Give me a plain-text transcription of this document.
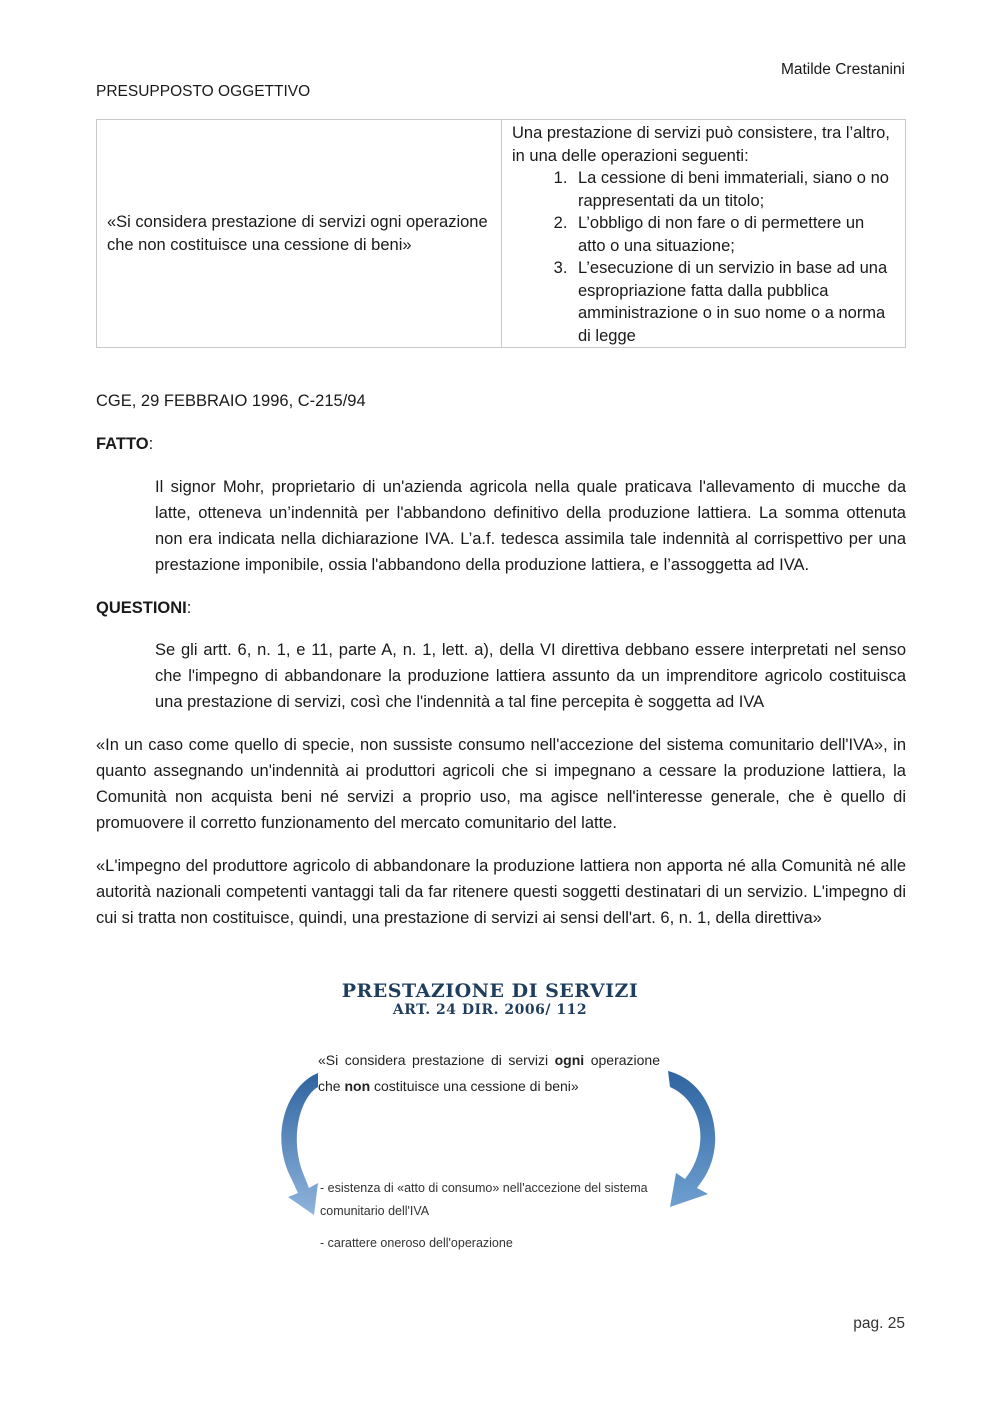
Matilde Crestanini
PRESUPPOSTO OGGETTIVO
«Si considera prestazione di servizi ogni operazione che non costituisce una cessione di beni»	
Una prestazione di servizi può consistere, tra l’altro, in una delle operazioni seguenti:
1. La cessione di beni immateriali, siano o no rappresentati da un titolo;
2. L’obbligo di non fare o di permettere un atto o una situazione;
3. L’esecuzione di un servizio in base ad una espropriazione fatta dalla pubblica amministrazione o in suo nome o a norma di legge
CGE, 29 FEBBRAIO 1996, C-215/94
FATTO:
Il signor Mohr, proprietario di un'azienda agricola nella quale praticava l'allevamento di mucche da latte, otteneva un’indennità per l'abbandono definitivo della produzione lattiera. La somma ottenuta non era indicata nella dichiarazione IVA. L’a.f. tedesca assimila tale indennità al corrispettivo per una prestazione imponibile, ossia l'abbandono della produzione lattiera, e l’assoggetta ad IVA.
QUESTIONI:
Se gli artt. 6, n. 1, e 11, parte A, n. 1, lett. a), della VI direttiva debbano essere interpretati nel senso che l'impegno di abbandonare la produzione lattiera assunto da un imprenditore agricolo costituisca una prestazione di servizi, così che l'indennità a tal fine percepita è soggetta ad IVA
«In un caso come quello di specie, non sussiste consumo nell'accezione del sistema comunitario dell'IVA», in quanto assegnando un'indennità ai produttori agricoli che si impegnano a cessare la produzione lattiera, la Comunità non acquista beni né servizi a proprio uso, ma agisce nell'interesse generale, che è quello di promuovere il corretto funzionamento del mercato comunitario del latte.
«L'impegno del produttore agricolo di abbandonare la produzione lattiera non apporta né alla Comunità né alle autorità nazionali competenti vantaggi tali da far ritenere questi soggetti destinatari di un servizio. L'impegno di cui si tratta non costituisce, quindi, una prestazione di servizi ai sensi dell'art. 6, n. 1, della direttiva»
PRESTAZIONE DI SERVIZI
ART. 24 DIR. 2006/ 112
«Si considera prestazione di servizi ogni operazione che non costituisce una cessione di beni»
- esistenza di «atto di consumo» nell'accezione del sistema comunitario dell'IVA
- carattere oneroso dell'operazione
pag. 25
